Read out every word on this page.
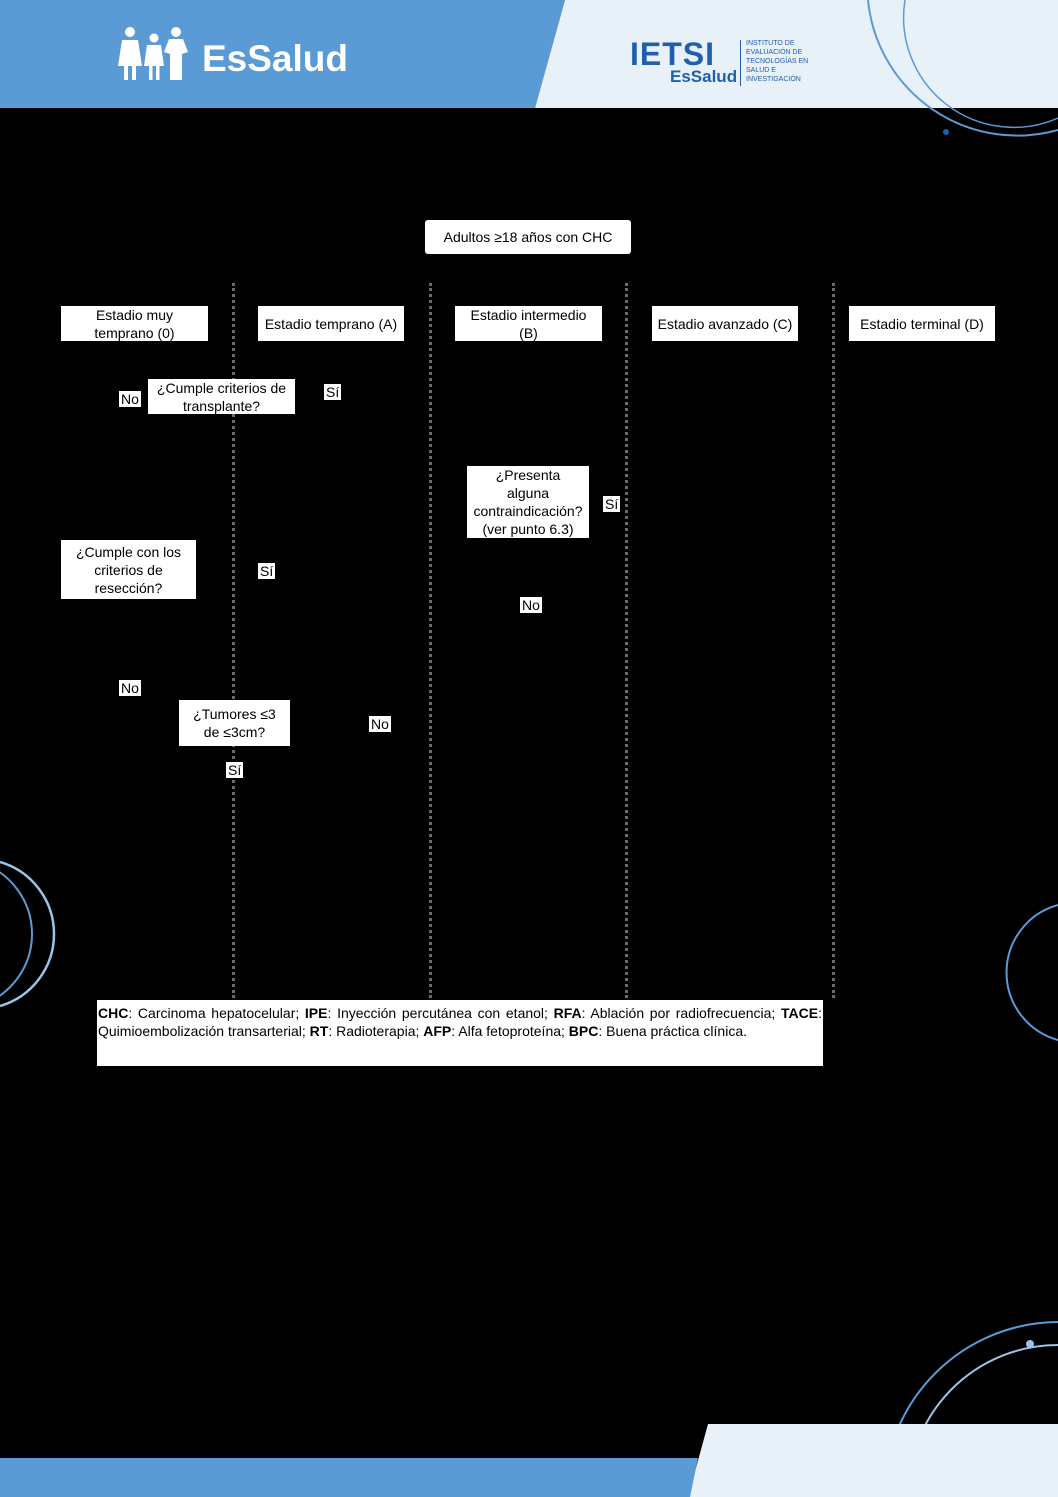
EsSalud	IETSI
EsSalud
INSTITUTO DE
EVALUACIÓN DE
TECNOLOGÍAS EN
SALUD E
INVESTIGACIÓN
Adultos ≥18 años con CHC
Estadio muy temprano (0)
Estadio temprano (A)
Estadio intermedio (B)
Estadio avanzado (C)	Estadio terminal (D)
¿Cumple criterios de transplante?
¿Presenta alguna contraindicación? (ver punto 6.3)
¿Cumple con los criterios de resección?
¿Tumores ≤3 de ≤3cm?
No	Sí
Sí
Sí
No
No
No
Sí
CHC: Carcinoma hepatocelular; IPE: Inyección percutánea con etanol; RFA: Ablación por radiofrecuencia; TACE: Quimioembolización transarterial; RT: Radioterapia; AFP: Alfa fetoproteína; BPC: Buena práctica clínica.
